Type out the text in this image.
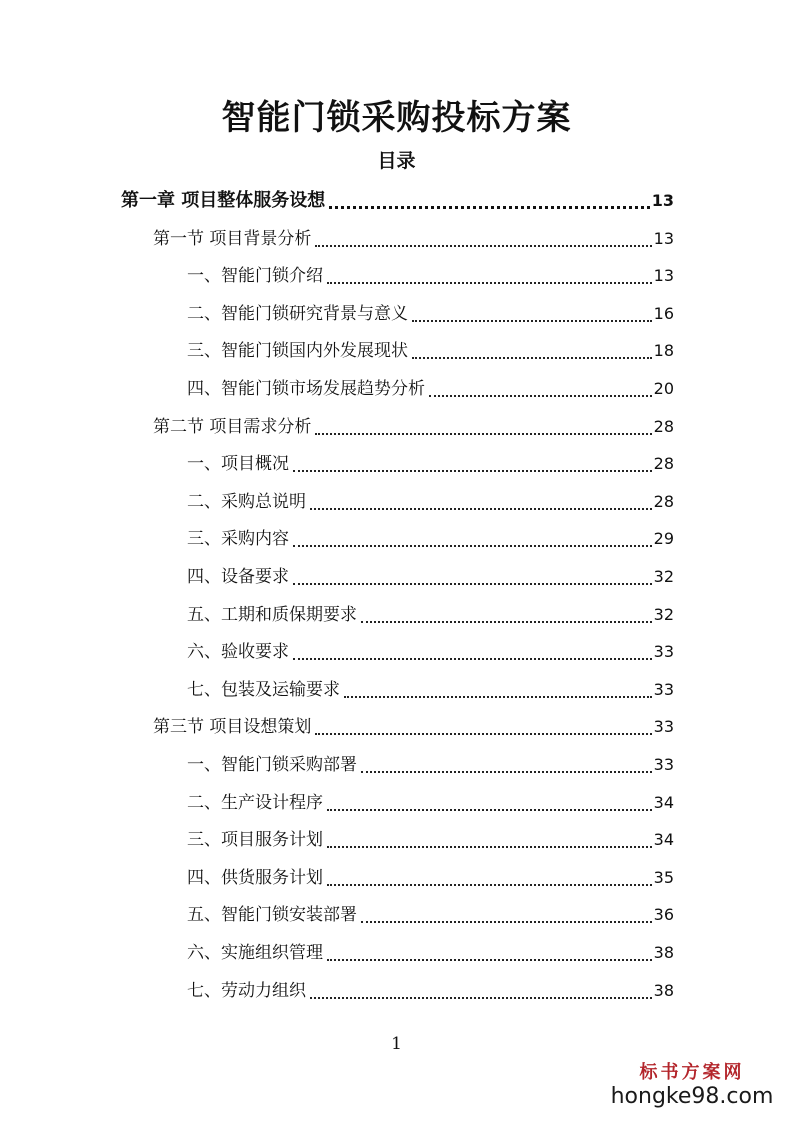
智能门锁采购投标方案
目录
第一章 项目整体服务设想	13
第一节 项目背景分析	13
一、智能门锁介绍	13
二、智能门锁研究背景与意义	16
三、智能门锁国内外发展现状	18
四、智能门锁市场发展趋势分析	20
第二节 项目需求分析	28
一、项目概况	28
二、采购总说明	28
三、采购内容	29
四、设备要求	32
五、工期和质保期要求	32
六、验收要求	33
七、包装及运输要求	33
第三节 项目设想策划	33
一、智能门锁采购部署	33
二、生产设计程序	34
三、项目服务计划	34
四、供货服务计划	35
五、智能门锁安装部署	36
六、实施组织管理	38
七、劳动力组织	38
1
标书方案网
hongke98.com
